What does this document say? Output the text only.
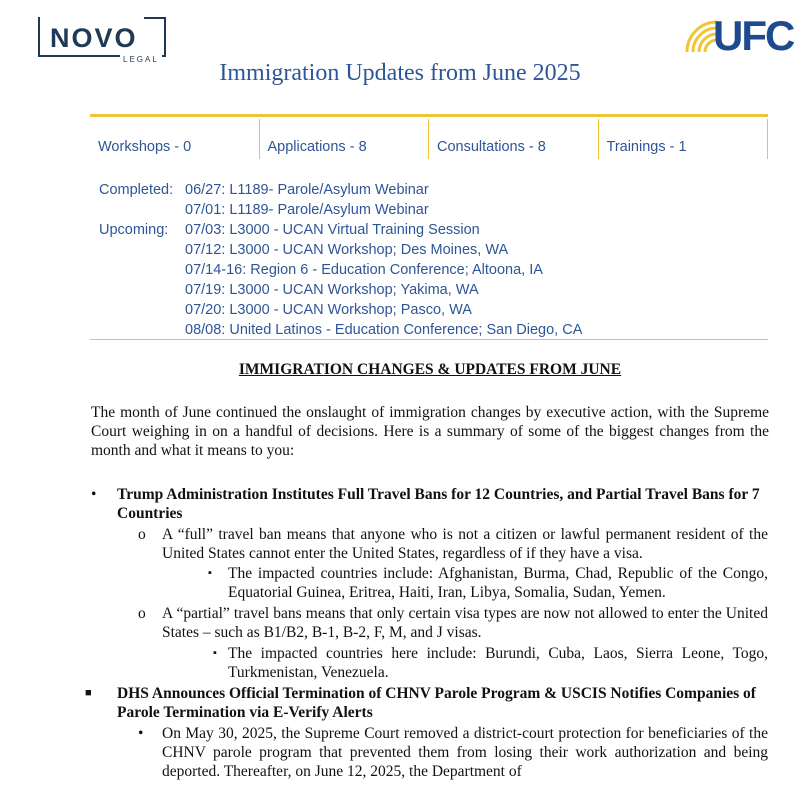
NOVO
LEGAL
UFC
Immigration Updates from June 2025
Workshops - 0	Applications - 8	Consultations - 8	Trainings - 1
Completed: 06/27: L1189- Parole/Asylum Webinar
07/01: L1189- Parole/Asylum Webinar
Upcoming: 07/03: L3000 - UCAN Virtual Training Session
07/12: L3000 - UCAN Workshop; Des Moines, WA
07/14-16: Region 6 - Education Conference; Altoona, IA
07/19: L3000 - UCAN Workshop; Yakima, WA
07/20: L3000 - UCAN Workshop; Pasco, WA
08/08: United Latinos - Education Conference; San Diego, CA
IMMIGRATION CHANGES & UPDATES FROM JUNE
The month of June continued the onslaught of immigration changes by executive action, with the Supreme Court weighing in on a handful of decisions. Here is a summary of some of the biggest changes from the month and what it means to you:
• Trump Administration Institutes Full Travel Bans for 12 Countries, and Partial Travel Bans for 7 Countries
o A “full” travel ban means that anyone who is not a citizen or lawful permanent resident of the United States cannot enter the United States, regardless of if they have a visa.
▪ The impacted countries include: Afghanistan, Burma, Chad, Republic of the Congo, Equatorial Guinea, Eritrea, Haiti, Iran, Libya, Somalia, Sudan, Yemen.
o A “partial” travel bans means that only certain visa types are now not allowed to enter the United States – such as B1/B2, B-1, B-2, F, M, and J visas.
▪ The impacted countries here include: Burundi, Cuba, Laos, Sierra Leone, Togo, Turkmenistan, Venezuela.
■ DHS Announces Official Termination of CHNV Parole Program & USCIS Notifies Companies of Parole Termination via E-Verify Alerts
• On May 30, 2025, the Supreme Court removed a district-court protection for beneficiaries of the CHNV parole program that prevented them from losing their work authorization and being deported. Thereafter, on June 12, 2025, the Department of
